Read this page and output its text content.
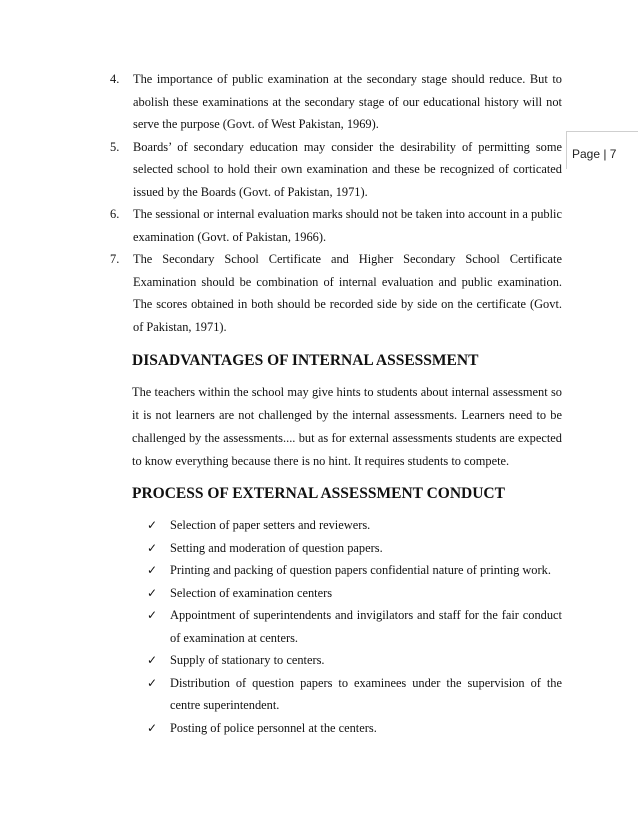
Page | 7
4. The importance of public examination at the secondary stage should reduce. But to abolish these examinations at the secondary stage of our educational history will not serve the purpose (Govt. of West Pakistan, 1969).
5. Boards’ of secondary education may consider the desirability of permitting some selected school to hold their own examination and these be recognized of corticated issued by the Boards (Govt. of Pakistan, 1971).
6. The sessional or internal evaluation marks should not be taken into account in a public examination (Govt. of Pakistan, 1966).
7. The Secondary School Certificate and Higher Secondary School Certificate Examination should be combination of internal evaluation and public examination. The scores obtained in both should be recorded side by side on the certificate (Govt. of Pakistan, 1971).
DISADVANTAGES OF INTERNAL ASSESSMENT

The teachers within the school may give hints to students about internal assessment so it is not learners are not challenged by the internal assessments. Learners need to be challenged by the assessments.... but as for external assessments students are expected to know everything because there is no hint. It requires students to compete.

PROCESS OF EXTERNAL ASSESSMENT CONDUCT
✓ Selection of paper setters and reviewers.
✓ Setting and moderation of question papers.
✓ Printing and packing of question papers confidential nature of printing work.
✓ Selection of examination centers
✓ Appointment of superintendents and invigilators and staff for the fair conduct of examination at centers.
✓ Supply of stationary to centers.
✓ Distribution of question papers to examinees under the supervision of the centre superintendent.
✓ Posting of police personnel at the centers.
